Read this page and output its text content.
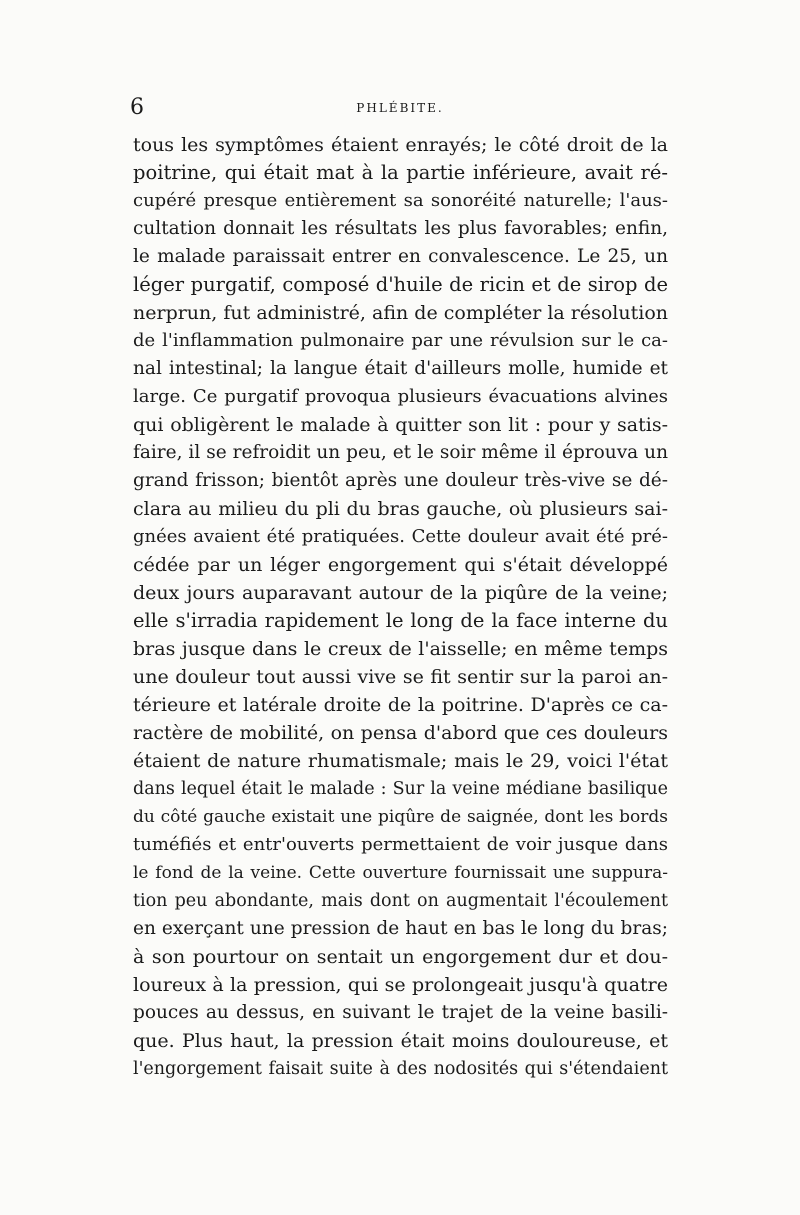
6	PHLÉBITE.
tous les symptômes étaient enrayés; le côté droit de la
poitrine, qui était mat à la partie inférieure, avait ré-
cupéré presque entièrement sa sonoréité naturelle; l'aus-
cultation donnait les résultats les plus favorables; enfin,
le malade paraissait entrer en convalescence. Le 25, un
léger purgatif, composé d'huile de ricin et de sirop de
nerprun, fut administré, afin de compléter la résolution
de l'inflammation pulmonaire par une révulsion sur le ca-
nal intestinal; la langue était d'ailleurs molle, humide et
large. Ce purgatif provoqua plusieurs évacuations alvines
qui obligèrent le malade à quitter son lit : pour y satis-
faire, il se refroidit un peu, et le soir même il éprouva un
grand frisson; bientôt après une douleur très-vive se dé-
clara au milieu du pli du bras gauche, où plusieurs sai-
gnées avaient été pratiquées. Cette douleur avait été pré-
cédée par un léger engorgement qui s'était développé
deux jours auparavant autour de la piqûre de la veine;
elle s'irradia rapidement le long de la face interne du
bras jusque dans le creux de l'aisselle; en même temps
une douleur tout aussi vive se fit sentir sur la paroi an-
térieure et latérale droite de la poitrine. D'après ce ca-
ractère de mobilité, on pensa d'abord que ces douleurs
étaient de nature rhumatismale; mais le 29, voici l'état
dans lequel était le malade : Sur la veine médiane basilique
du côté gauche existait une piqûre de saignée, dont les bords
tuméfiés et entr'ouverts permettaient de voir jusque dans
le fond de la veine. Cette ouverture fournissait une suppura-
tion peu abondante, mais dont on augmentait l'écoulement
en exerçant une pression de haut en bas le long du bras;
à son pourtour on sentait un engorgement dur et dou-
loureux à la pression, qui se prolongeait jusqu'à quatre
pouces au dessus, en suivant le trajet de la veine basili-
que. Plus haut, la pression était moins douloureuse, et
l'engorgement faisait suite à des nodosités qui s'étendaient
